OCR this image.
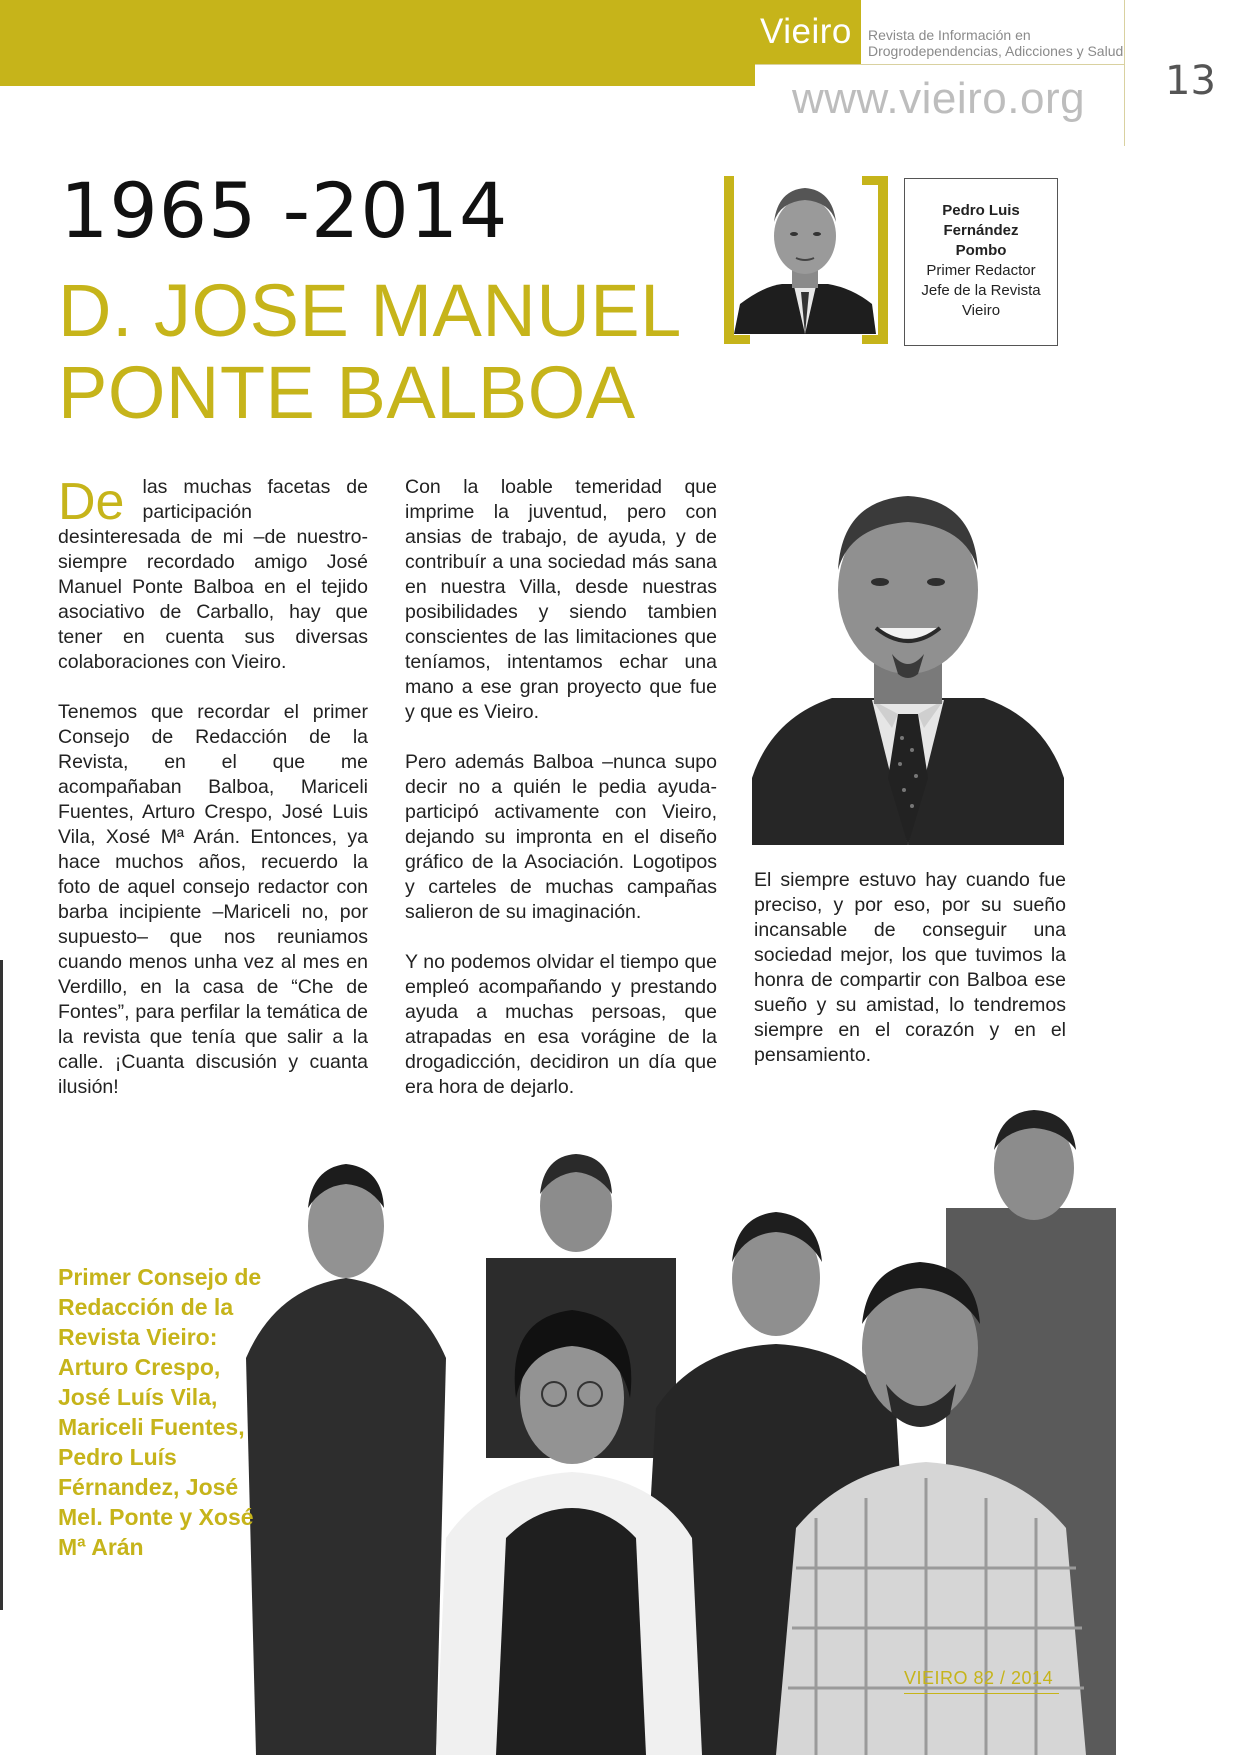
Vieiro Revista de Información en
Drogrodependencias, Adicciones y Salud
www.vieiro.org 13
1965 -2014
D. JOSE MANUEL
PONTE BALBOA
Pedro Luis
Fernández
Pombo
Primer Redactor
Jefe de la Revista
Vieiro

De las muchas facetas de participación desinteresada de mi –de nuestro- siempre recordado amigo José Manuel Ponte Balboa en el tejido asociativo de Carballo, hay que tener en cuenta sus diversas colaboraciones con Vieiro.

Tenemos que recordar el primer Consejo de Redacción de la Revista, en el que me acompañaban Balboa, Mariceli Fuentes, Arturo Crespo, José Luis Vila, Xosé Mª Arán. Entonces, ya hace muchos años, recuerdo la foto de aquel consejo redactor con barba incipiente –Mariceli no, por supuesto– que nos reuniamos cuando menos unha vez al mes en Verdillo, en la casa de “Che de Fontes”, para perfilar la temática de la revista que tenía que salir a la calle. ¡Cuanta discusión y cuanta ilusión!

Con la loable temeridad que imprime la juventud, pero con ansias de trabajo, de ayuda, y de contribuír a una sociedad más sana en nuestra Villa, desde nuestras posibilidades y siendo tambien conscientes de las limitaciones que teníamos, intentamos echar una mano a ese gran proyecto que fue y que es Vieiro.

Pero además Balboa –nunca supo decir no a quién le pedia ayuda- participó activamente con Vieiro, dejando su impronta en el diseño gráfico de la Asociación. Logotipos y carteles de muchas campañas salieron de su imaginación.

Y no podemos olvidar el tiempo que empleó acompañando y prestando ayuda a muchas persoas, que atrapadas en esa vorágine de la drogadicción, decidiron un día que era hora de dejarlo.

El siempre estuvo hay cuando fue preciso, y por eso, por su sueño incansable de conseguir una sociedad mejor, los que tuvimos la honra de compartir con Balboa ese sueño y su amistad, lo tendremos siempre en el corazón y en el pensamiento.

Primer Consejo de Redacción de la Revista Vieiro: Arturo Crespo, José Luís Vila, Mariceli Fuentes, Pedro Luís Férnandez, José Mel. Ponte y Xosé Mª Arán
VIEIRO 82 / 2014
